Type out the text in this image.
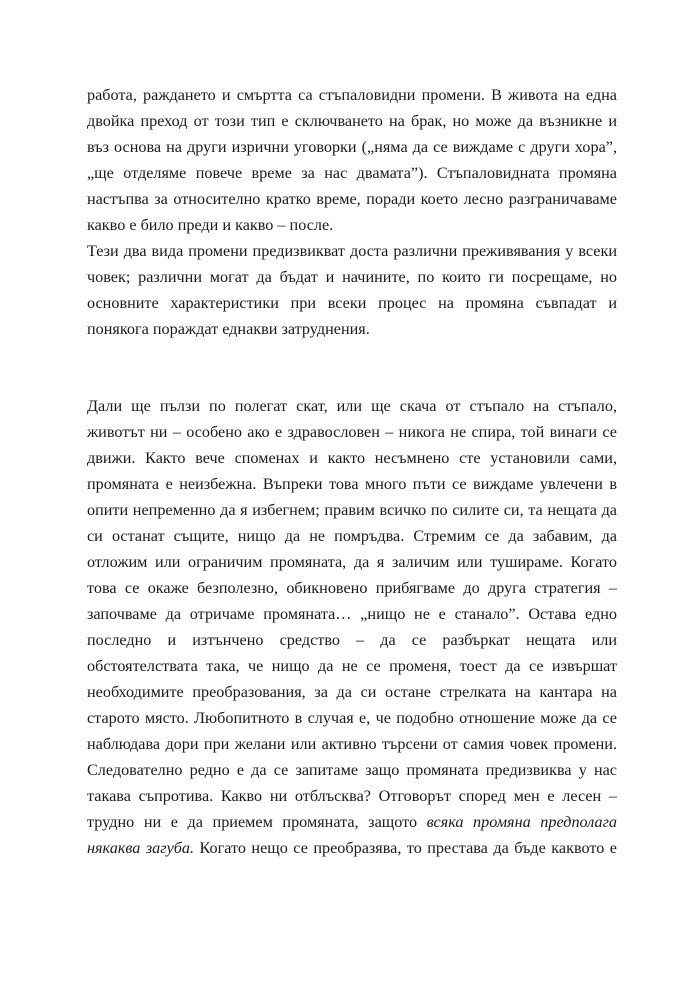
работа, раждането и смъртта са стъпаловидни промени. В живота на една
двойка преход от този тип е сключването на брак, но може да възникне и
въз основа на други изрични уговорки („няма да се виждаме с други хора”,
„ще отделяме повече време за нас двамата”). Стъпаловидната промяна
настъпва за относително кратко време, поради което лесно разграничаваме
какво е било преди и какво – после.
Тези два вида промени предизвикват доста различни преживявания у всеки
човек; различни могат да бъдат и начините, по които ги посрещаме, но
основните характеристики при всеки процес на промяна съвпадат и
понякога пораждат еднакви затруднения.
Дали ще пълзи по полегат скат, или ще скача от стъпало на стъпало,
животът ни – особено ако е здравословен – никога не спира, той винаги се
движи. Както вече споменах и както несъмнено сте установили сами,
промяната е неизбежна. Въпреки това много пъти се виждаме увлечени в
опити непременно да я избегнем; правим всичко по силите си, та нещата да
си останат същите, нищо да не помръдва. Стремим се да забавим, да
отложим или ограничим промяната, да я заличим или тушираме. Когато
това се окаже безполезно, обикновено прибягваме до друга стратегия –
започваме да отричаме промяната… „нищо не е станало”. Остава едно
последно и изтънчено средство – да се разбъркат нещата или
обстоятелствата така, че нищо да не се променя, тоест да се извършат
необходимите преобразования, за да си остане стрелката на кантара на
старото място. Любопитното в случая е, че подобно отношение може да се
наблюдава дори при желани или активно търсени от самия човек промени.
Следователно редно е да се запитаме защо промяната предизвиква у нас
такава съпротива. Какво ни отблъсква? Отговорът според мен е лесен –
трудно ни е да приемем промяната, защото всяка промяна предполага
някаква загуба. Когато нещо се преобразява, то престава да бъде каквото е
